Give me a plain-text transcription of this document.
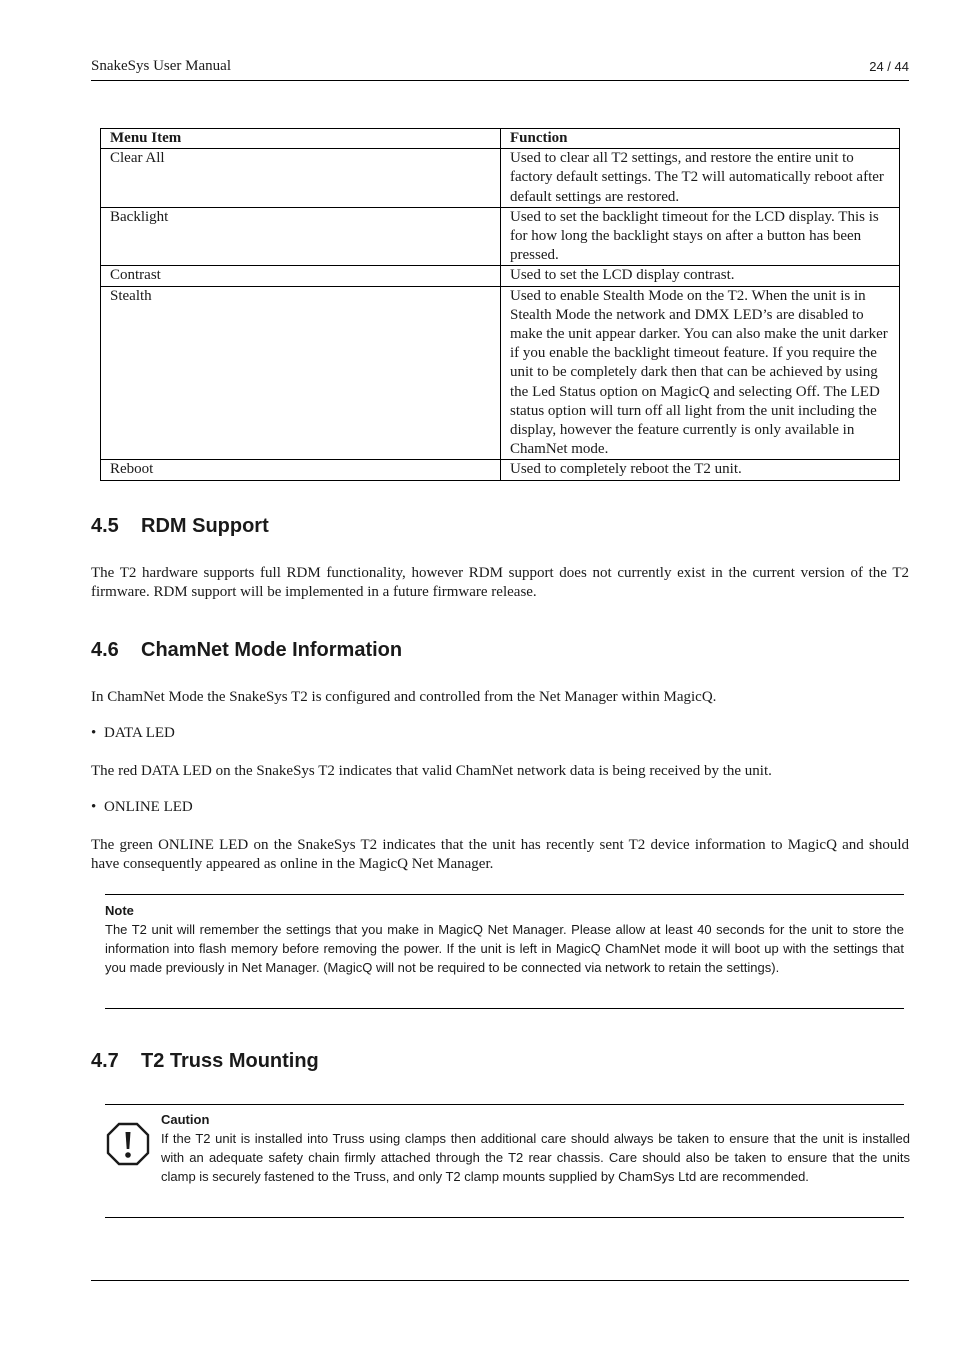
SnakeSys User Manual	24 / 44
Menu Item	Function
Clear All	Used to clear all T2 settings, and restore the entire unit to factory default settings. The T2 will automatically reboot after default settings are restored.
Backlight	Used to set the backlight timeout for the LCD display. This is for how long the backlight stays on after a button has been pressed.
Contrast	Used to set the LCD display contrast.
Stealth	Used to enable Stealth Mode on the T2. When the unit is in Stealth Mode the network and DMX LED’s are disabled to make the unit appear darker. You can also make the unit darker if you enable the backlight timeout feature. If you require the unit to be completely dark then that can be achieved by using the Led Status option on MagicQ and selecting Off. The LED status option will turn off all light from the unit including the display, however the feature currently is only available in ChamNet mode.
Reboot	Used to completely reboot the T2 unit.
4.5 RDM Support

The T2 hardware supports full RDM functionality, however RDM support does not currently exist in the current version of the T2 firmware. RDM support will be implemented in a future firmware release.

4.6 ChamNet Mode Information

In ChamNet Mode the SnakeSys T2 is configured and controlled from the Net Manager within MagicQ.

• DATA LED

The red DATA LED on the SnakeSys T2 indicates that valid ChamNet network data is being received by the unit.

• ONLINE LED

The green ONLINE LED on the SnakeSys T2 indicates that the unit has recently sent T2 device information to MagicQ and should have consequently appeared as online in the MagicQ Net Manager.

Note
The T2 unit will remember the settings that you make in MagicQ Net Manager. Please allow at least 40 seconds for the unit to store the information into flash memory before removing the power. If the unit is left in MagicQ ChamNet mode it will boot up with the settings that you made previously in Net Manager. (MagicQ will not be required to be connected via network to retain the settings).
4.7 T2 Truss Mounting
Caution
If the T2 unit is installed into Truss using clamps then additional care should always be taken to ensure that the unit is installed with an adequate safety chain firmly attached through the T2 rear chassis. Care should also be taken to ensure that the units clamp is securely fastened to the Truss, and only T2 clamp mounts supplied by ChamSys Ltd are recommended.
